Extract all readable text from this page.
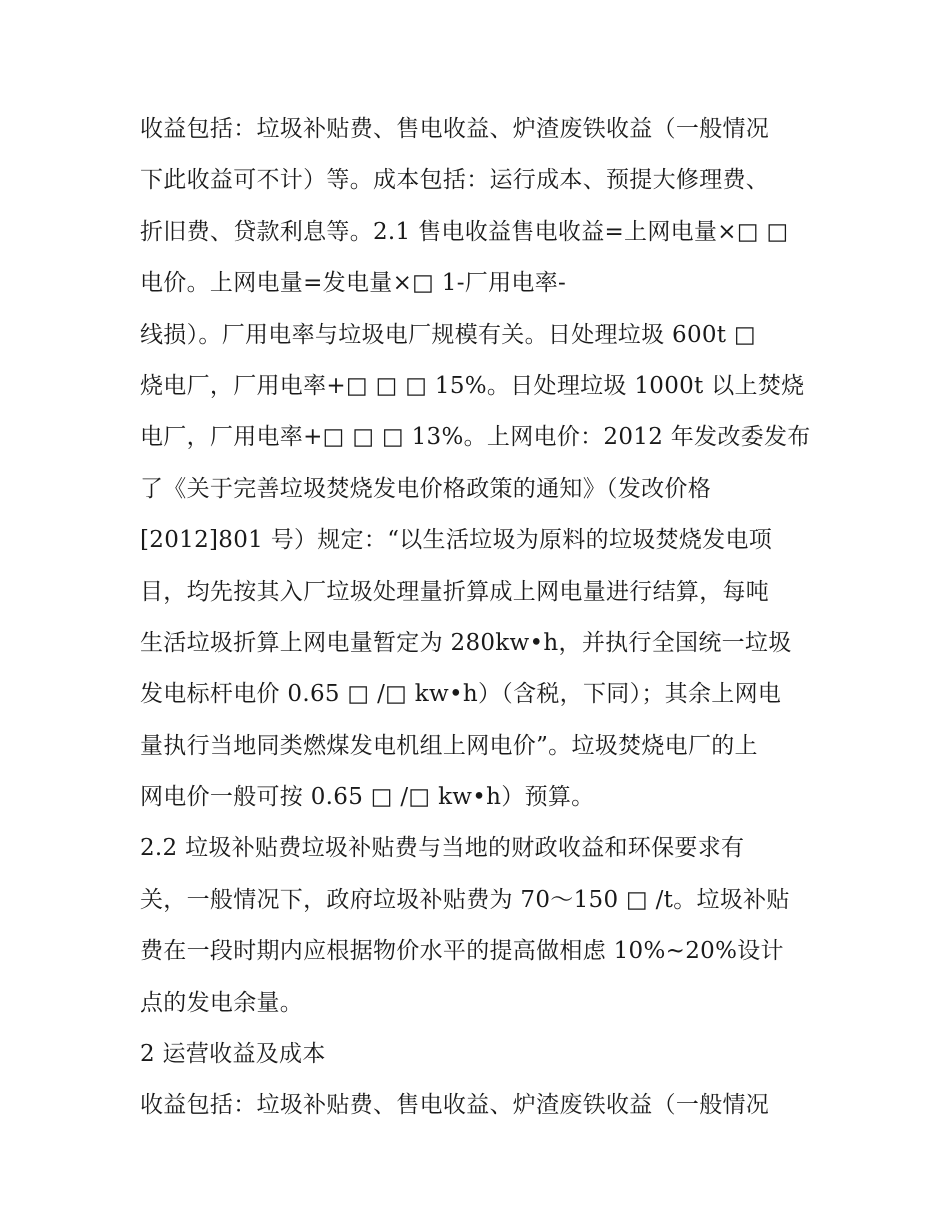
收益包括：垃圾补贴费、售电收益、炉渣废铁收益（一般情况
下此收益可不计）等。成本包括：运行成本、预提大修理费、
折旧费、贷款利息等。2.1 售电收益售电收益=上网电量×□ □
电价。上网电量=发电量×□ 1-厂用电率-
线损）。厂用电率与垃圾电厂规模有关。日处理垃圾 600t □
烧电厂，厂用电率+□ □ □ 15%。日处理垃圾 1000t 以上焚烧
电厂，厂用电率+□ □ □ 13%。上网电价：2012 年发改委发布
了《关于完善垃圾焚烧发电价格政策的通知》（发改价格
[2012]801 号）规定：“以生活垃圾为原料的垃圾焚烧发电项
目，均先按其入厂垃圾处理量折算成上网电量进行结算，每吨
生活垃圾折算上网电量暂定为 280kw•h，并执行全国统一垃圾
发电标杆电价 0.65 □ /□ kw•h）（含税，下同）；其余上网电
量执行当地同类燃煤发电机组上网电价”。垃圾焚烧电厂的上
网电价一般可按 0.65 □ /□ kw•h）预算。
2.2 垃圾补贴费垃圾补贴费与当地的财政收益和环保要求有
关，一般情况下，政府垃圾补贴费为 70～150 □ /t。垃圾补贴
费在一段时期内应根据物价水平的提高做相虑 10%~20%设计
点的发电余量。
2 运营收益及成本
收益包括：垃圾补贴费、售电收益、炉渣废铁收益（一般情况
